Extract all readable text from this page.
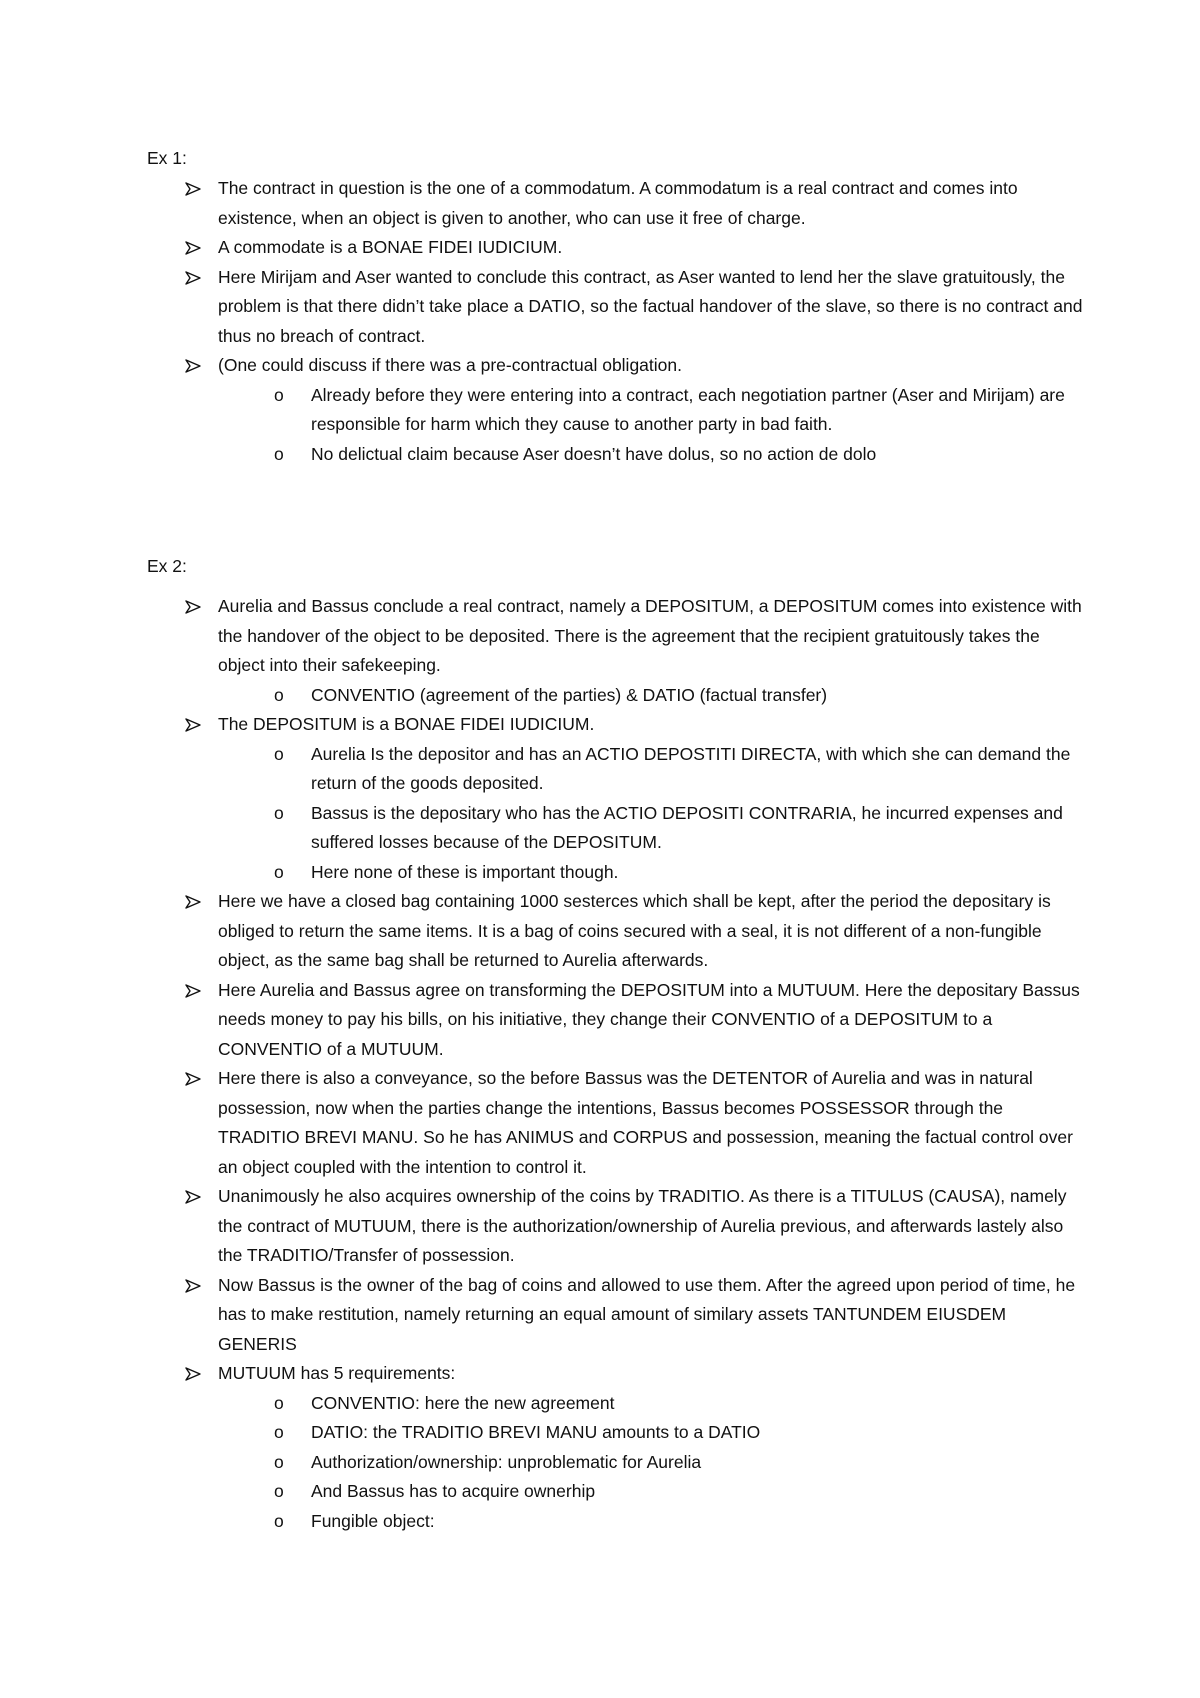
Ex 1:
The contract in question is the one of a commodatum. A commodatum is a real contract and comes into existence, when an object is given to another, who can use it free of charge.
A commodate is a BONAE FIDEI IUDICIUM.
Here Mirijam and Aser wanted to conclude this contract, as Aser wanted to lend her the slave gratuitously, the problem is that there didn’t take place a DATIO, so the factual handover of the slave, so there is no contract and thus no breach of contract.
(One could discuss if there was a pre-contractual obligation.
o Already before they were entering into a contract, each negotiation partner (Aser and Mirijam) are responsible for harm which they cause to another party in bad faith.
o No delictual claim because Aser doesn’t have dolus, so no action de dolo
Ex 2:
Aurelia and Bassus conclude a real contract, namely a DEPOSITUM, a DEPOSITUM comes into existence with the handover of the object to be deposited. There is the agreement that the recipient gratuitously takes the object into their safekeeping.
o CONVENTIO (agreement of the parties) & DATIO (factual transfer)
The DEPOSITUM is a BONAE FIDEI IUDICIUM.
o Aurelia Is the depositor and has an ACTIO DEPOSTITI DIRECTA, with which she can demand the return of the goods deposited.
o Bassus is the depositary who has the ACTIO DEPOSITI CONTRARIA, he incurred expenses and suffered losses because of the DEPOSITUM.
o Here none of these is important though.
Here we have a closed bag containing 1000 sesterces which shall be kept, after the period the depositary is obliged to return the same items. It is a bag of coins secured with a seal, it is not different of a non-fungible object, as the same bag shall be returned to Aurelia afterwards.
Here Aurelia and Bassus agree on transforming the DEPOSITUM into a MUTUUM. Here the depositary Bassus needs money to pay his bills, on his initiative, they change their CONVENTIO of a DEPOSITUM to a CONVENTIO of a MUTUUM.
Here there is also a conveyance, so the before Bassus was the DETENTOR of Aurelia and was in natural possession, now when the parties change the intentions, Bassus becomes POSSESSOR through the TRADITIO BREVI MANU. So he has ANIMUS and CORPUS and possession, meaning the factual control over an object coupled with the intention to control it.
Unanimously he also acquires ownership of the coins by TRADITIO. As there is a TITULUS (CAUSA), namely the contract of MUTUUM, there is the authorization/ownership of Aurelia previous, and afterwards lastely also the TRADITIO/Transfer of possession.
Now Bassus is the owner of the bag of coins and allowed to use them. After the agreed upon period of time, he has to make restitution, namely returning an equal amount of similary assets TANTUNDEM EIUSDEM GENERIS
MUTUUM has 5 requirements:
o CONVENTIO: here the new agreement
o DATIO: the TRADITIO BREVI MANU amounts to a DATIO
o Authorization/ownership: unproblematic for Aurelia
o And Bassus has to acquire ownerhip
o Fungible object:
